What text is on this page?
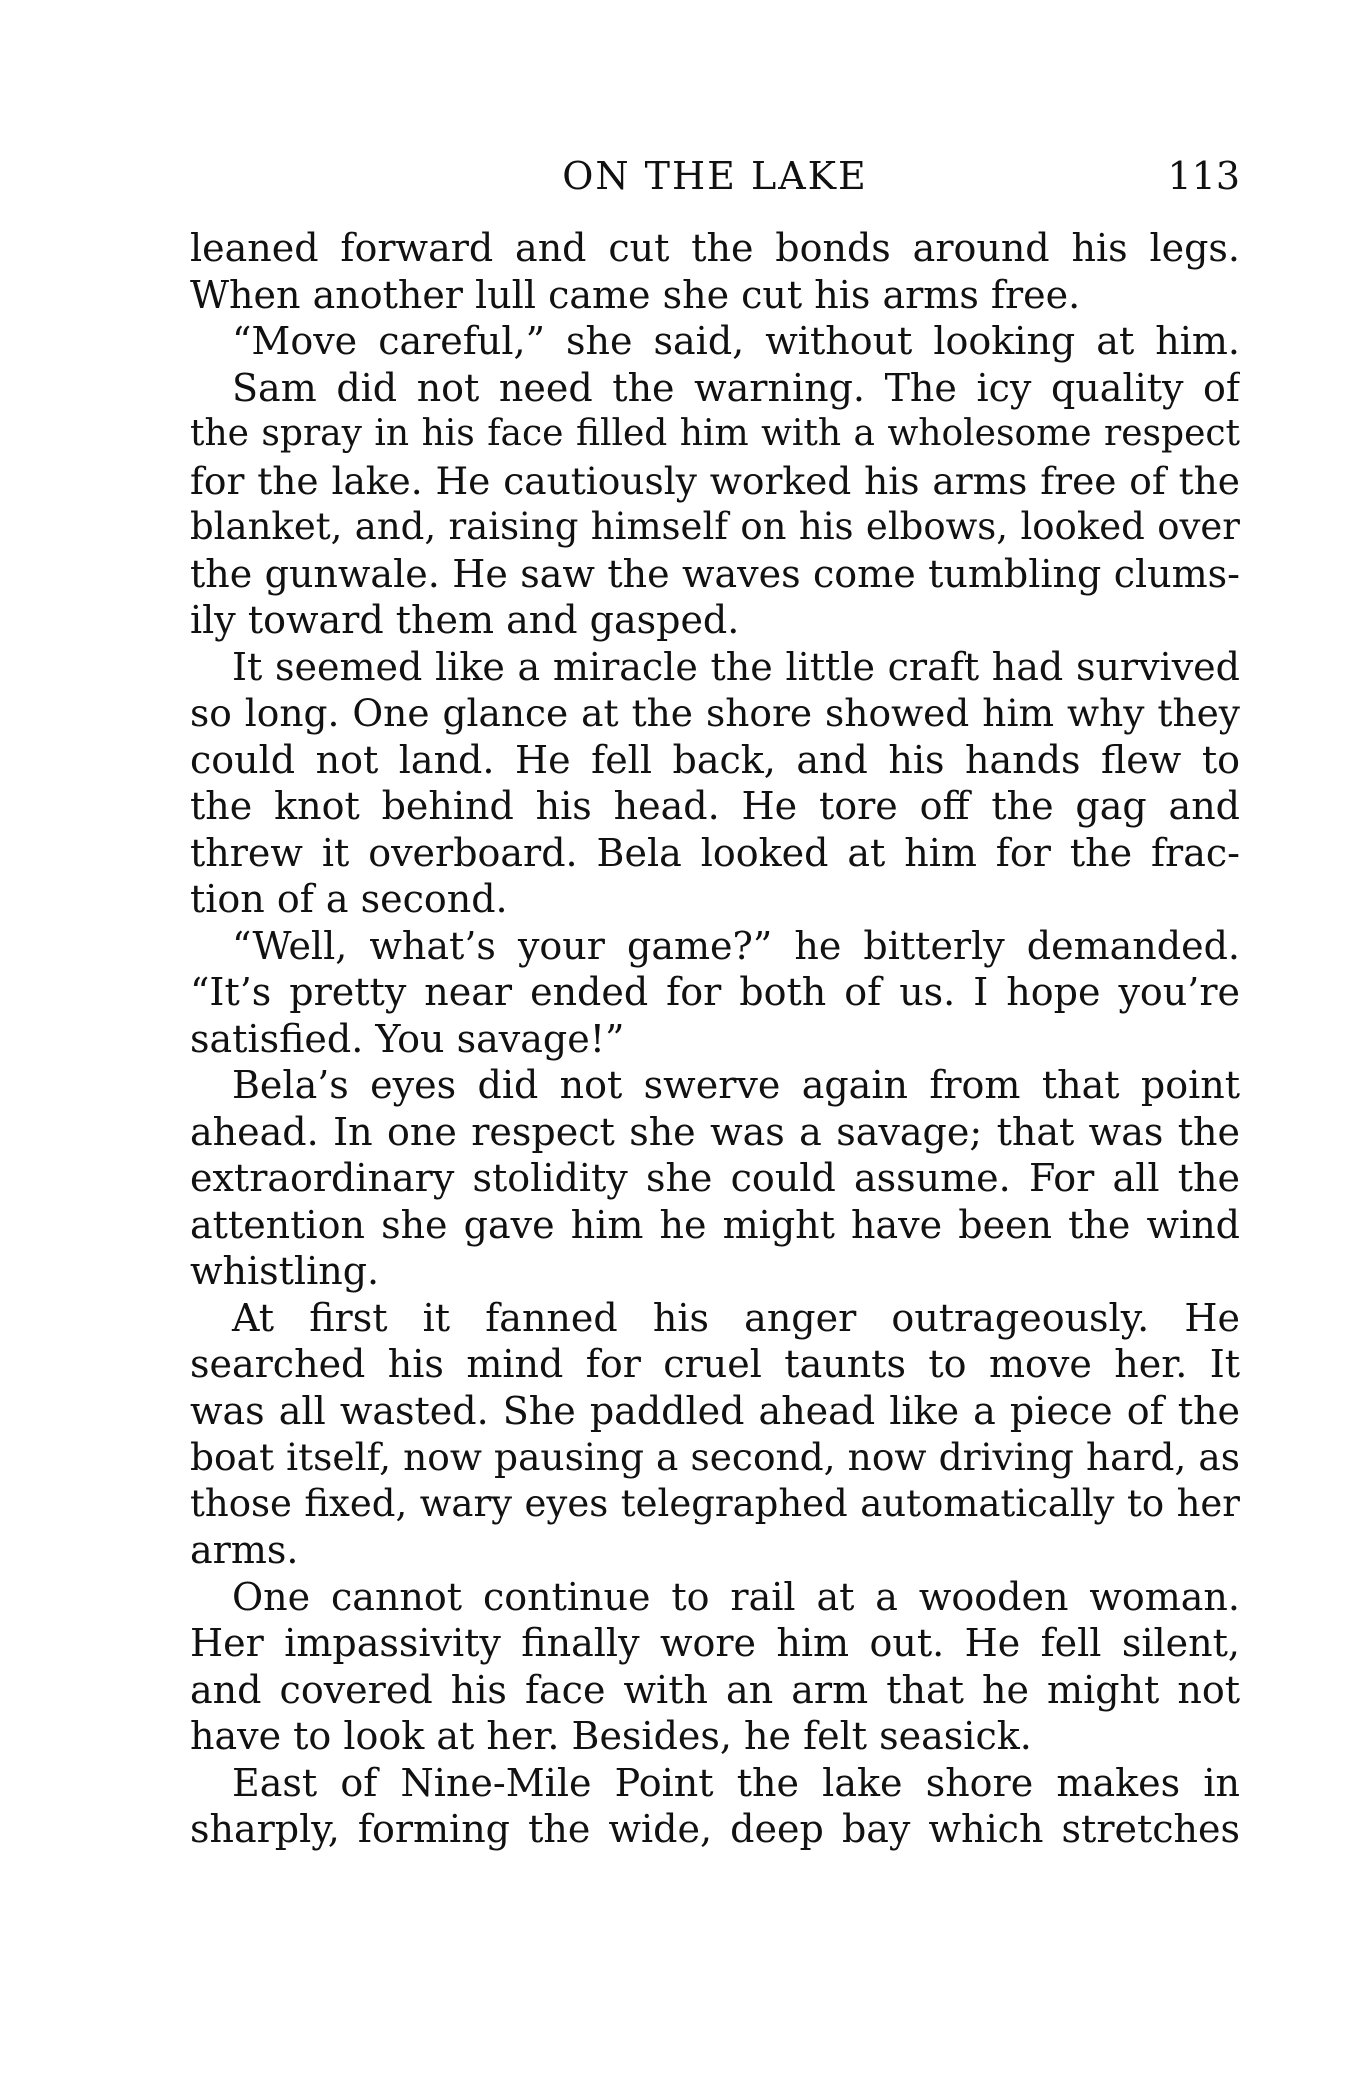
ON THE LAKE	113
leaned forward and cut the bonds around his legs.
When another lull came she cut his arms free.
“Move careful,” she said, without looking at him.
Sam did not need the warning. The icy quality of
the spray in his face filled him with a wholesome respect
for the lake. He cautiously worked his arms free of the
blanket, and, raising himself on his elbows, looked over
the gunwale. He saw the waves come tumbling clums-
ily toward them and gasped.
It seemed like a miracle the little craft had survived
so long. One glance at the shore showed him why they
could not land. He fell back, and his hands flew to
the knot behind his head. He tore off the gag and
threw it overboard. Bela looked at him for the frac-
tion of a second.
“Well, what’s your game?” he bitterly demanded.
“It’s pretty near ended for both of us. I hope you’re
satisfied. You savage!”
Bela’s eyes did not swerve again from that point
ahead. In one respect she was a savage; that was the
extraordinary stolidity she could assume. For all the
attention she gave him he might have been the wind
whistling.
At first it fanned his anger outrageously. He
searched his mind for cruel taunts to move her. It
was all wasted. She paddled ahead like a piece of the
boat itself, now pausing a second, now driving hard, as
those fixed, wary eyes telegraphed automatically to her
arms.
One cannot continue to rail at a wooden woman.
Her impassivity finally wore him out. He fell silent,
and covered his face with an arm that he might not
have to look at her. Besides, he felt seasick.
East of Nine-Mile Point the lake shore makes in
sharply, forming the wide, deep bay which stretches
